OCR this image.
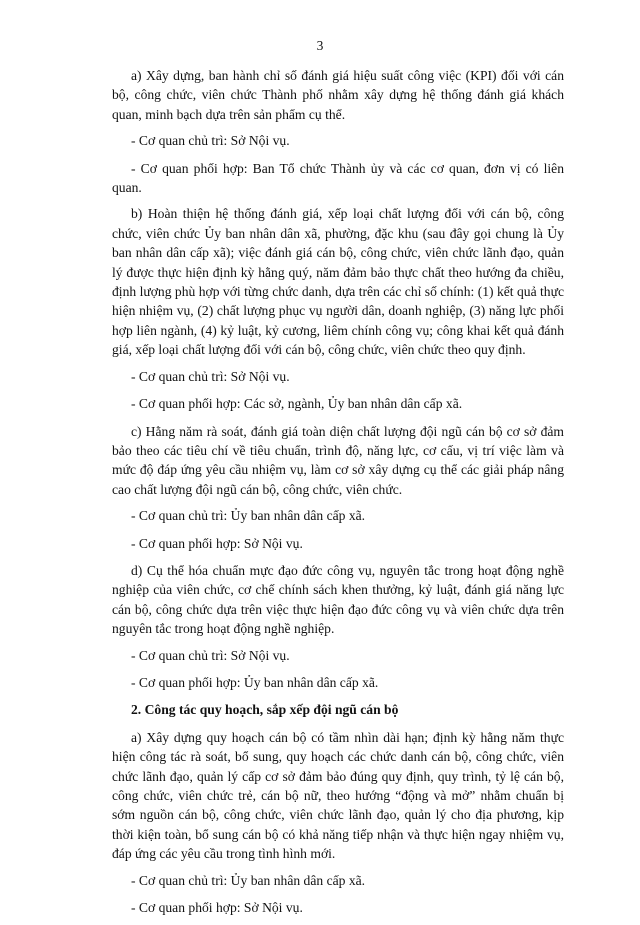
3

a) Xây dựng, ban hành chỉ số đánh giá hiệu suất công việc (KPI) đối với cán bộ, công chức, viên chức Thành phố nhằm xây dựng hệ thống đánh giá khách quan, minh bạch dựa trên sản phẩm cụ thể.

- Cơ quan chủ trì: Sở Nội vụ.

- Cơ quan phối hợp: Ban Tổ chức Thành ủy và các cơ quan, đơn vị có liên quan.

b) Hoàn thiện hệ thống đánh giá, xếp loại chất lượng đối với cán bộ, công chức, viên chức Ủy ban nhân dân xã, phường, đặc khu (sau đây gọi chung là Ủy ban nhân dân cấp xã); việc đánh giá cán bộ, công chức, viên chức lãnh đạo, quản lý được thực hiện định kỳ hằng quý, năm đảm bảo thực chất theo hướng đa chiều, định lượng phù hợp với từng chức danh, dựa trên các chỉ số chính: (1) kết quả thực hiện nhiệm vụ, (2) chất lượng phục vụ người dân, doanh nghiệp, (3) năng lực phối hợp liên ngành, (4) kỷ luật, kỷ cương, liêm chính công vụ; công khai kết quả đánh giá, xếp loại chất lượng đối với cán bộ, công chức, viên chức theo quy định.

- Cơ quan chủ trì: Sở Nội vụ.

- Cơ quan phối hợp: Các sở, ngành, Ủy ban nhân dân cấp xã.

c) Hằng năm rà soát, đánh giá toàn diện chất lượng đội ngũ cán bộ cơ sở đảm bảo theo các tiêu chí về tiêu chuẩn, trình độ, năng lực, cơ cấu, vị trí việc làm và mức độ đáp ứng yêu cầu nhiệm vụ, làm cơ sở xây dựng cụ thể các giải pháp nâng cao chất lượng đội ngũ cán bộ, công chức, viên chức.

- Cơ quan chủ trì: Ủy ban nhân dân cấp xã.

- Cơ quan phối hợp: Sở Nội vụ.

d) Cụ thể hóa chuẩn mực đạo đức công vụ, nguyên tắc trong hoạt động nghề nghiệp của viên chức, cơ chế chính sách khen thưởng, kỷ luật, đánh giá năng lực cán bộ, công chức dựa trên việc thực hiện đạo đức công vụ và viên chức dựa trên nguyên tắc trong hoạt động nghề nghiệp.

- Cơ quan chủ trì: Sở Nội vụ.

- Cơ quan phối hợp: Ủy ban nhân dân cấp xã.

2. Công tác quy hoạch, sắp xếp đội ngũ cán bộ

a) Xây dựng quy hoạch cán bộ có tầm nhìn dài hạn; định kỳ hằng năm thực hiện công tác rà soát, bổ sung, quy hoạch các chức danh cán bộ, công chức, viên chức lãnh đạo, quản lý cấp cơ sở đảm bảo đúng quy định, quy trình, tỷ lệ cán bộ, công chức, viên chức trẻ, cán bộ nữ, theo hướng “động và mở” nhằm chuẩn bị sớm nguồn cán bộ, công chức, viên chức lãnh đạo, quản lý cho địa phương, kịp thời kiện toàn, bổ sung cán bộ có khả năng tiếp nhận và thực hiện ngay nhiệm vụ, đáp ứng các yêu cầu trong tình hình mới.

- Cơ quan chủ trì: Ủy ban nhân dân cấp xã.

- Cơ quan phối hợp: Sở Nội vụ.
